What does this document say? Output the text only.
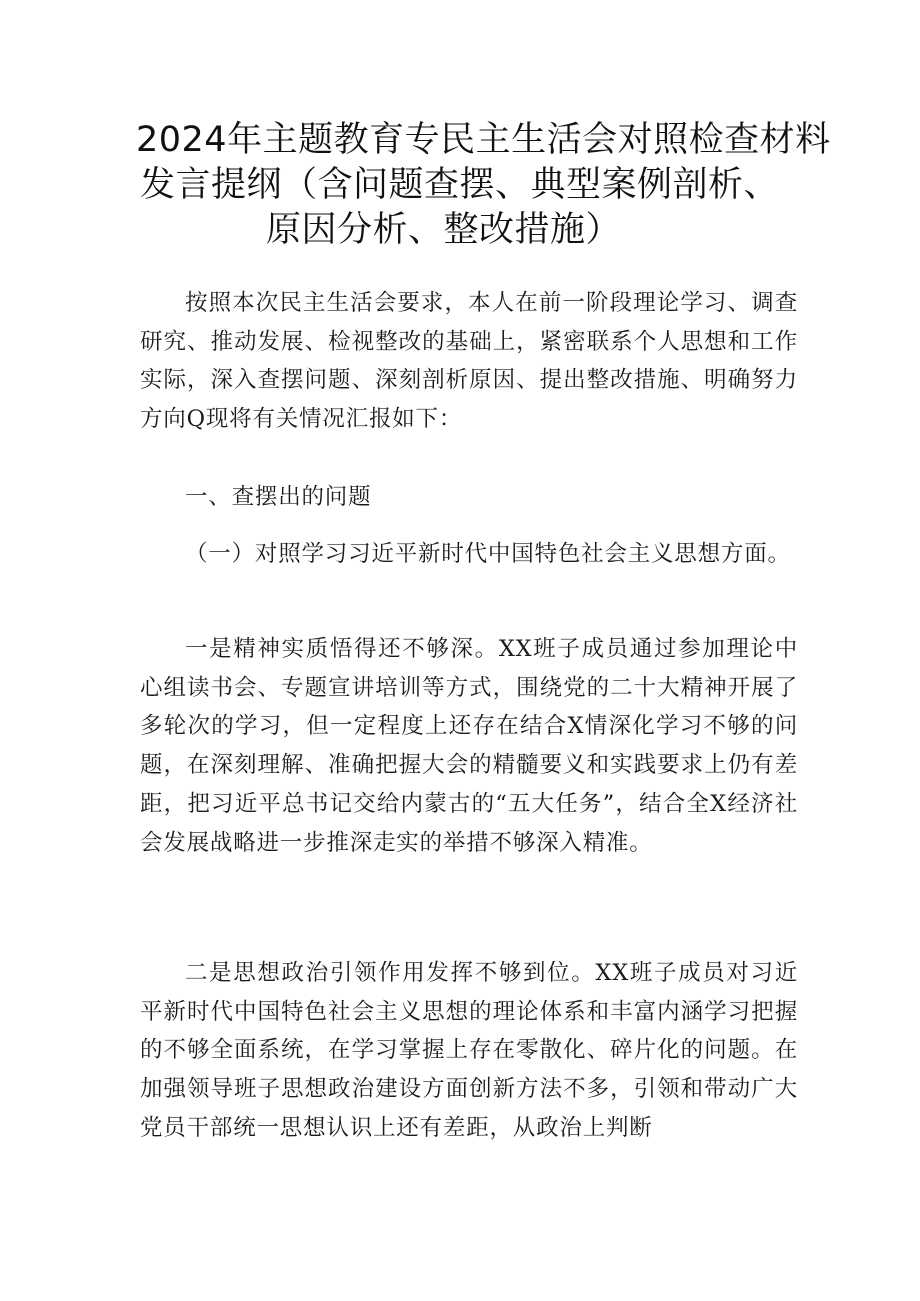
2024年主题教育专民主生活会对照检查材料
发言提纲（含问题查摆、典型案例剖析、
原因分析、整改措施）

按照本次民主生活会要求，本人在前一阶段理论学习、调查研究、推动发展、检视整改的基础上，紧密联系个人思想和工作实际，深入查摆问题、深刻剖析原因、提出整改措施、明确努力方向Q现将有关情况汇报如下：

一、查摆出的问题

（一）对照学习习近平新时代中国特色社会主义思想方面。

一是精神实质悟得还不够深。XX班子成员通过参加理论中心组读书会、专题宣讲培训等方式，围绕党的二十大精神开展了多轮次的学习，但一定程度上还存在结合X情深化学习不够的问题，在深刻理解、准确把握大会的精髓要义和实践要求上仍有差距，把习近平总书记交给内蒙古的“五大任务”，结合全X经济社会发展战略进一步推深走实的举措不够深入精准。

二是思想政治引领作用发挥不够到位。XX班子成员对习近平新时代中国特色社会主义思想的理论体系和丰富内涵学习把握的不够全面系统，在学习掌握上存在零散化、碎片化的问题。在加强领导班子思想政治建设方面创新方法不多，引领和带动广大党员干部统一思想认识上还有差距，从政治上判断
